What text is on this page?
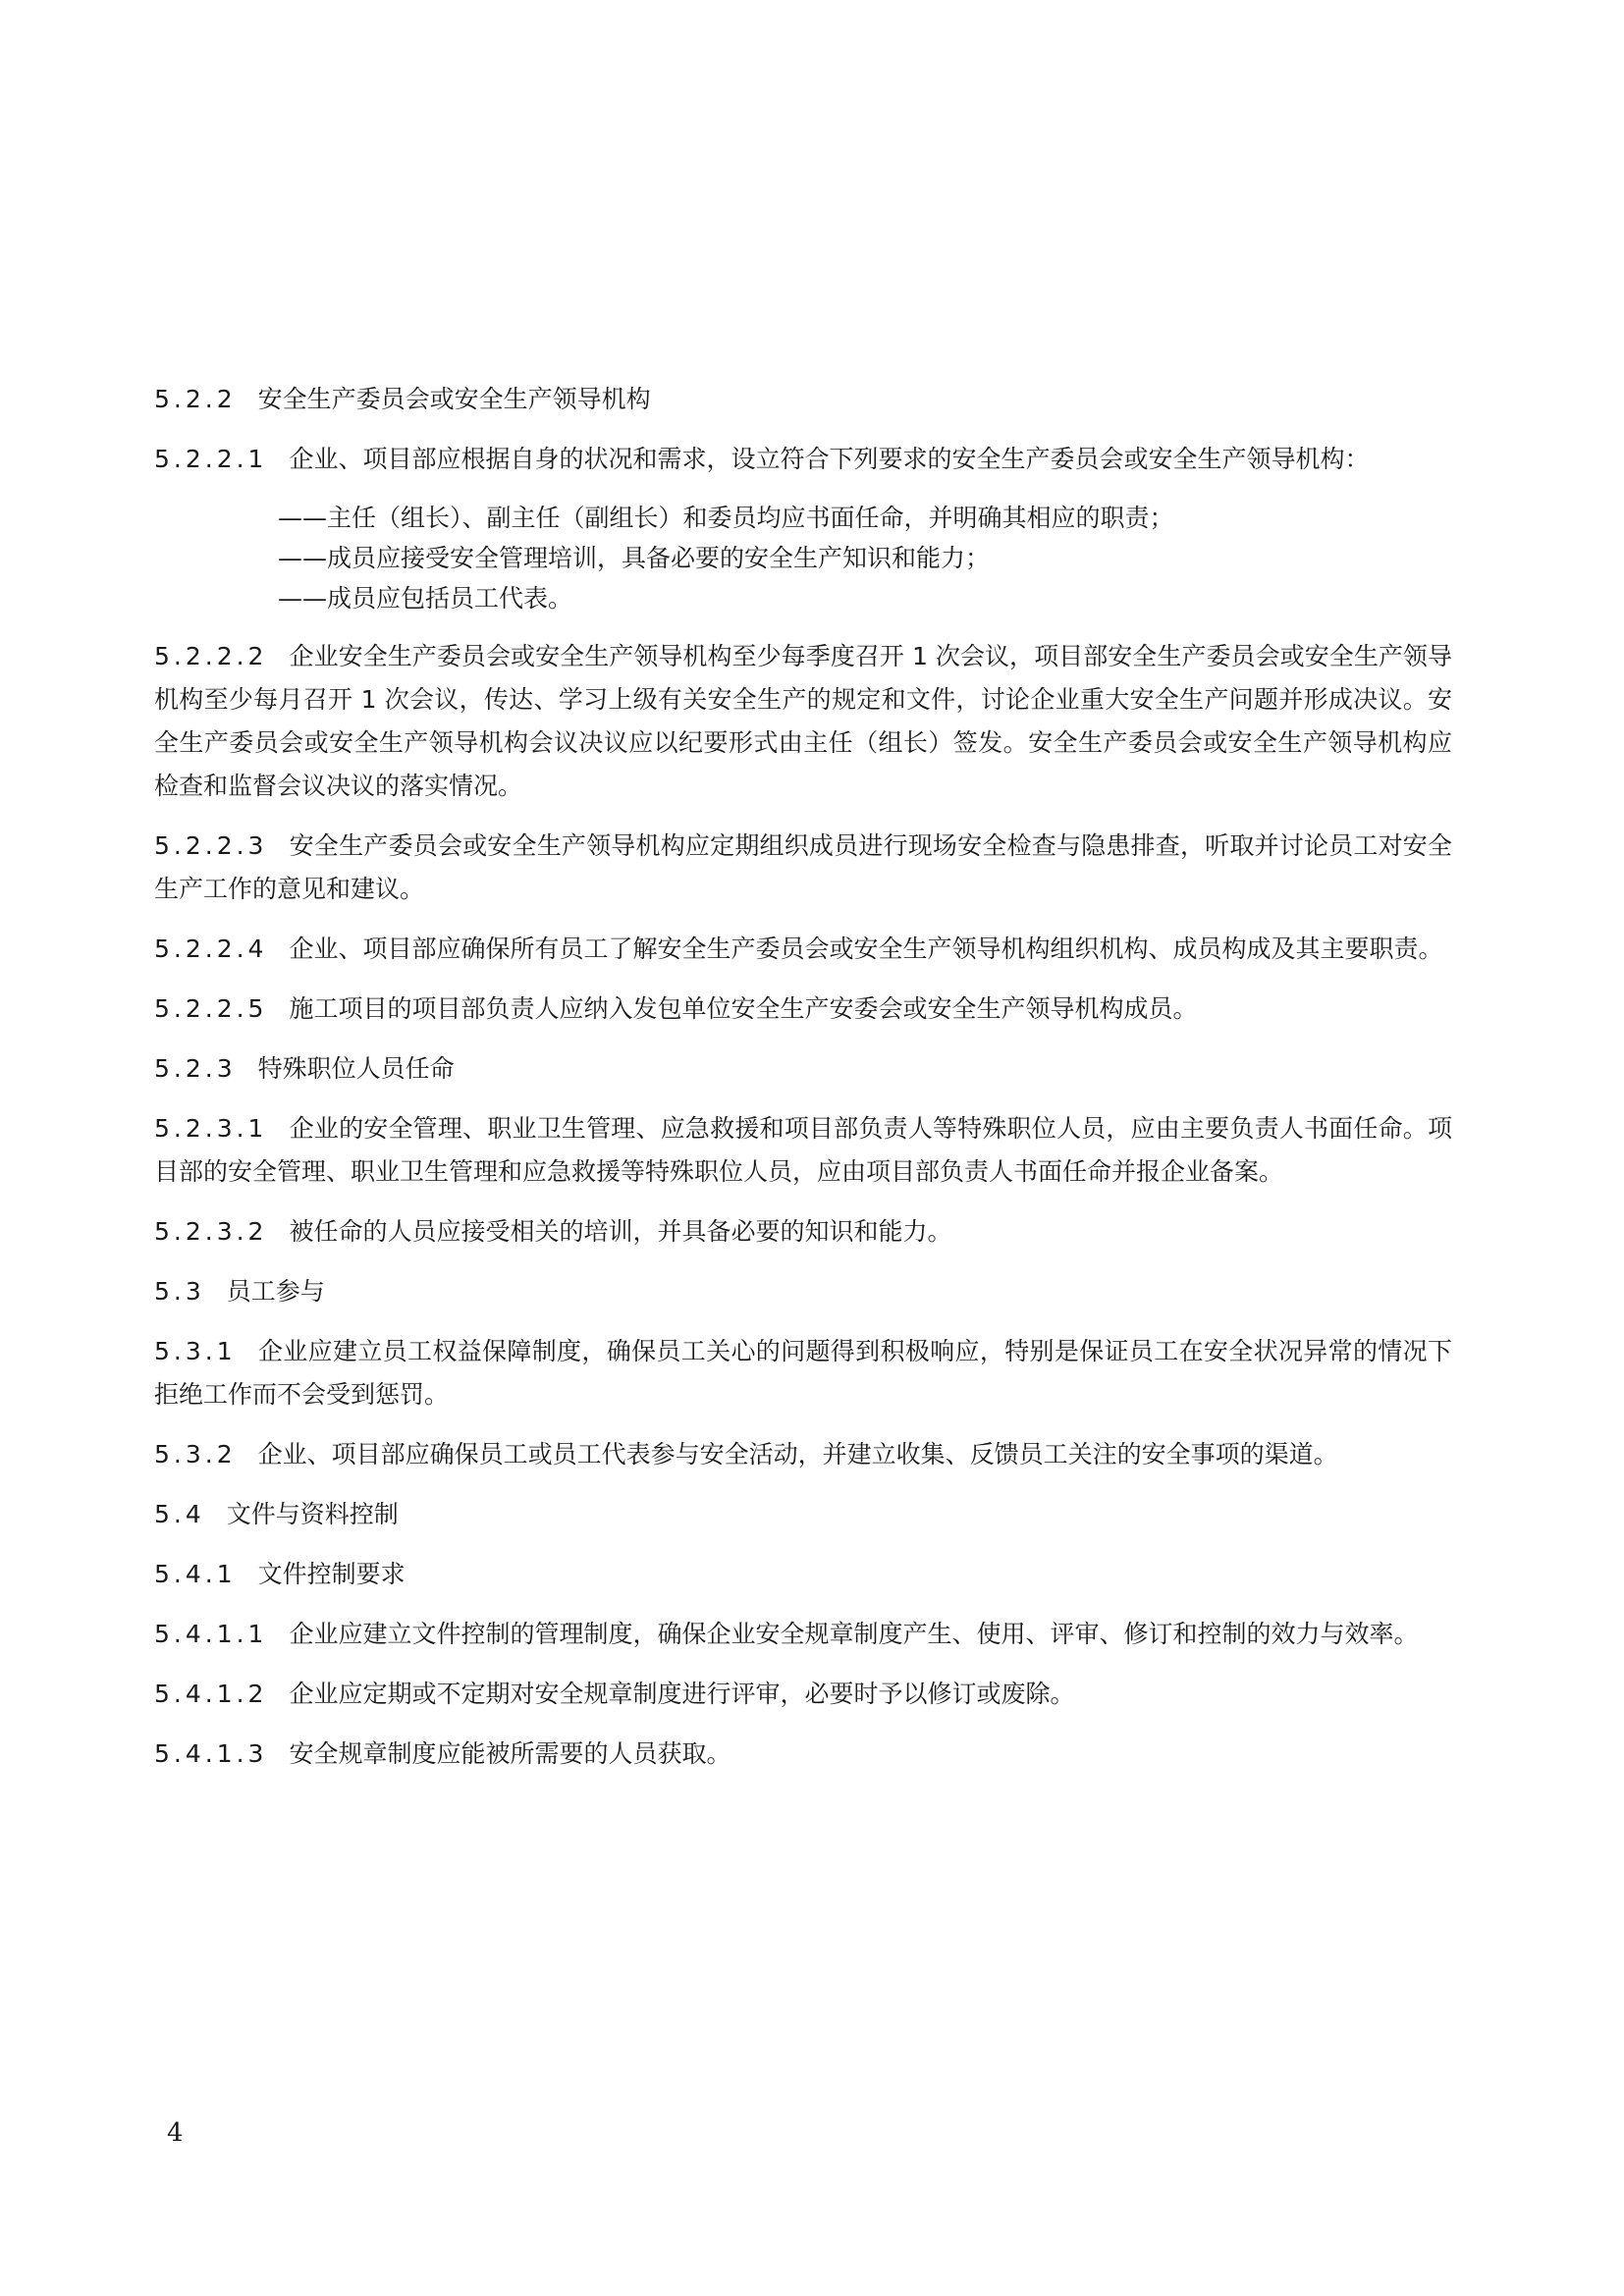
5.2.2 安全生产委员会或安全生产领导机构
5.2.2.1 企业、项目部应根据自身的状况和需求，设立符合下列要求的安全生产委员会或安全生产领导机构：
——主任（组长）、副主任（副组长）和委员均应书面任命，并明确其相应的职责；
——成员应接受安全管理培训，具备必要的安全生产知识和能力；
——成员应包括员工代表。
5.2.2.2 企业安全生产委员会或安全生产领导机构至少每季度召开 1 次会议，项目部安全生产委员会或安全生产领导机构至少每月召开 1 次会议，传达、学习上级有关安全生产的规定和文件，讨论企业重大安全生产问题并形成决议。安全生产委员会或安全生产领导机构会议决议应以纪要形式由主任（组长）签发。安全生产委员会或安全生产领导机构应检查和监督会议决议的落实情况。
5.2.2.3 安全生产委员会或安全生产领导机构应定期组织成员进行现场安全检查与隐患排查，听取并讨论员工对安全生产工作的意见和建议。
5.2.2.4 企业、项目部应确保所有员工了解安全生产委员会或安全生产领导机构组织机构、成员构成及其主要职责。
5.2.2.5 施工项目的项目部负责人应纳入发包单位安全生产安委会或安全生产领导机构成员。
5.2.3 特殊职位人员任命
5.2.3.1 企业的安全管理、职业卫生管理、应急救援和项目部负责人等特殊职位人员，应由主要负责人书面任命。项目部的安全管理、职业卫生管理和应急救援等特殊职位人员，应由项目部负责人书面任命并报企业备案。
5.2.3.2 被任命的人员应接受相关的培训，并具备必要的知识和能力。
5.3 员工参与
5.3.1 企业应建立员工权益保障制度，确保员工关心的问题得到积极响应，特别是保证员工在安全状况异常的情况下拒绝工作而不会受到惩罚。
5.3.2 企业、项目部应确保员工或员工代表参与安全活动，并建立收集、反馈员工关注的安全事项的渠道。
5.4 文件与资料控制
5.4.1 文件控制要求
5.4.1.1 企业应建立文件控制的管理制度，确保企业安全规章制度产生、使用、评审、修订和控制的效力与效率。
5.4.1.2 企业应定期或不定期对安全规章制度进行评审，必要时予以修订或废除。
5.4.1.3 安全规章制度应能被所需要的人员获取。
4
